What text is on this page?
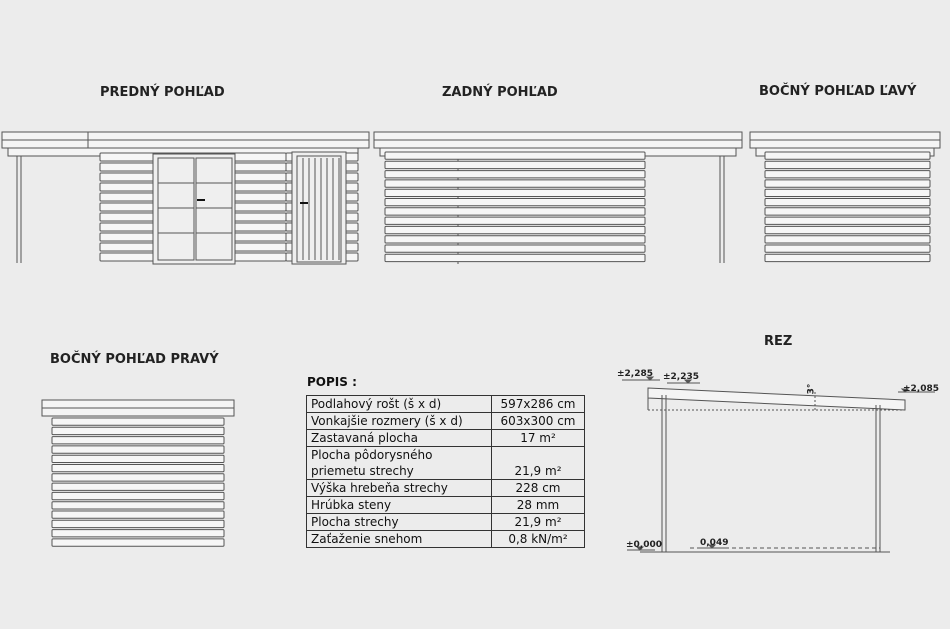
PREDNÝ POHĽAD	ZADNÝ POHĽAD	BOČNÝ POHĽAD ĽAVÝ
BOČNÝ POHĽAD PRAVÝ
REZ
±2,285 ±2,235
±2,085
±0,000	0,049
3°
POPIS :
Podlahový rošt (š x d)	597x286 cm
Vonkajšie rozmery (š x d)	603x300 cm
Zastavaná plocha	17 m²
Plocha pôdorysného priemetu strechy	21,9 m²
Výška hrebeňa strechy	228 cm
Hrúbka steny	28 mm
Plocha strechy	21,9 m²
Zaťaženie snehom	0,8 kN/m²
